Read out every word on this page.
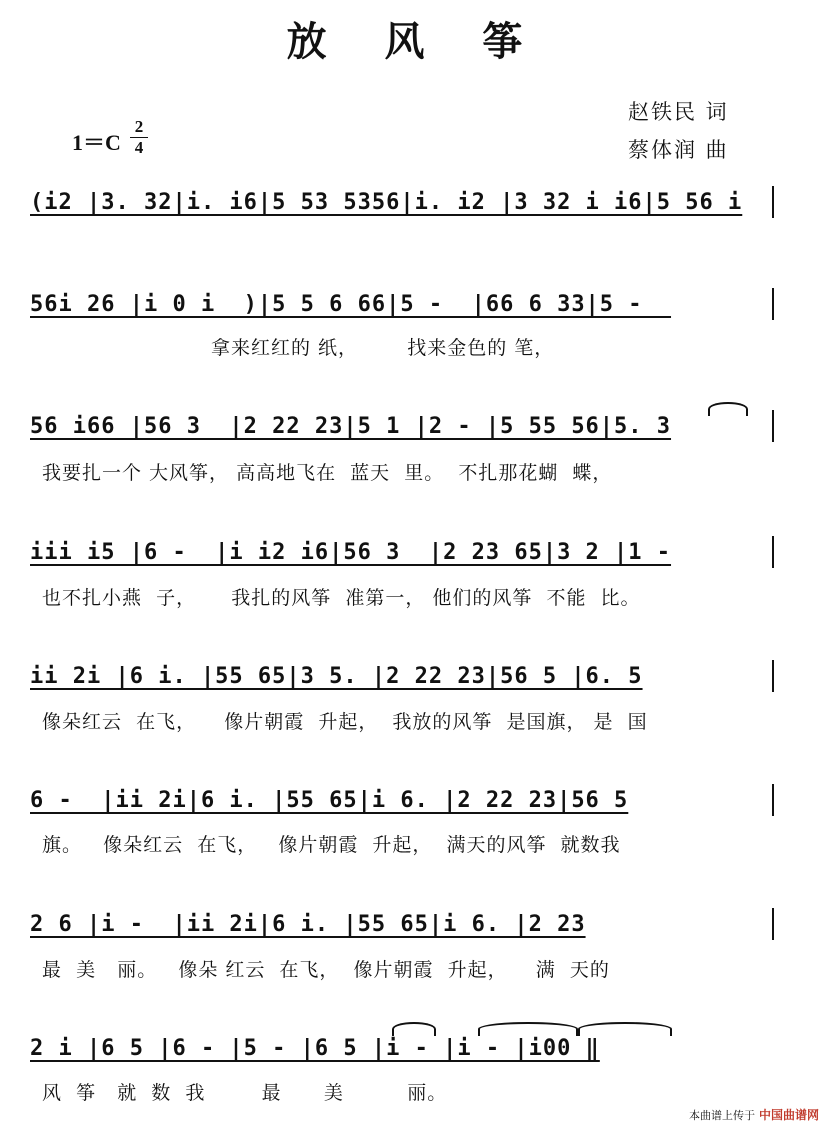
放 风 筝
1＝C
2
4
赵铁民 词
蔡体润 曲
(i2 |3. 32|i. i6|5 53 5356|i. i2 |3 32 i i6|5 56 i
56i 26 |i 0 i  )|5 5 6 66|5 -  |66 6 33|5 -
拿来红红的 纸，       找来金色的 笔，
56 i66 |56 3  |2 22 23|5 1 |2 - |5 55 56|5. 3
我要扎一个 大风筝， 高高地飞在  蓝天  里。  不扎那花蝴  蝶，
iii i5 |6 -  |i i2 i6|56 3  |2 23 65|3 2 |1 -
也不扎小燕  子，     我扎的风筝  准第一， 他们的风筝  不能  比。
ii 2i |6 i. |55 65|3 5. |2 22 23|56 5 |6. 5
像朵红云  在飞，    像片朝霞  升起，  我放的风筝  是国旗， 是  国
6 -  |ii 2i|6 i. |55 65|i 6. |2 22 23|56 5
旗。   像朵红云  在飞，   像片朝霞  升起，  满天的风筝  就数我
2 6 |i -  |ii 2i|6 i. |55 65|i 6. |2 23
最  美   丽。   像朵 红云  在飞，  像片朝霞  升起，    满  天的
2 i |6 5 |6 - |5 - |6 5 |i - |i - |i00 ‖
风  筝   就  数  我        最      美         丽。
本曲谱上传于 中国曲谱网
